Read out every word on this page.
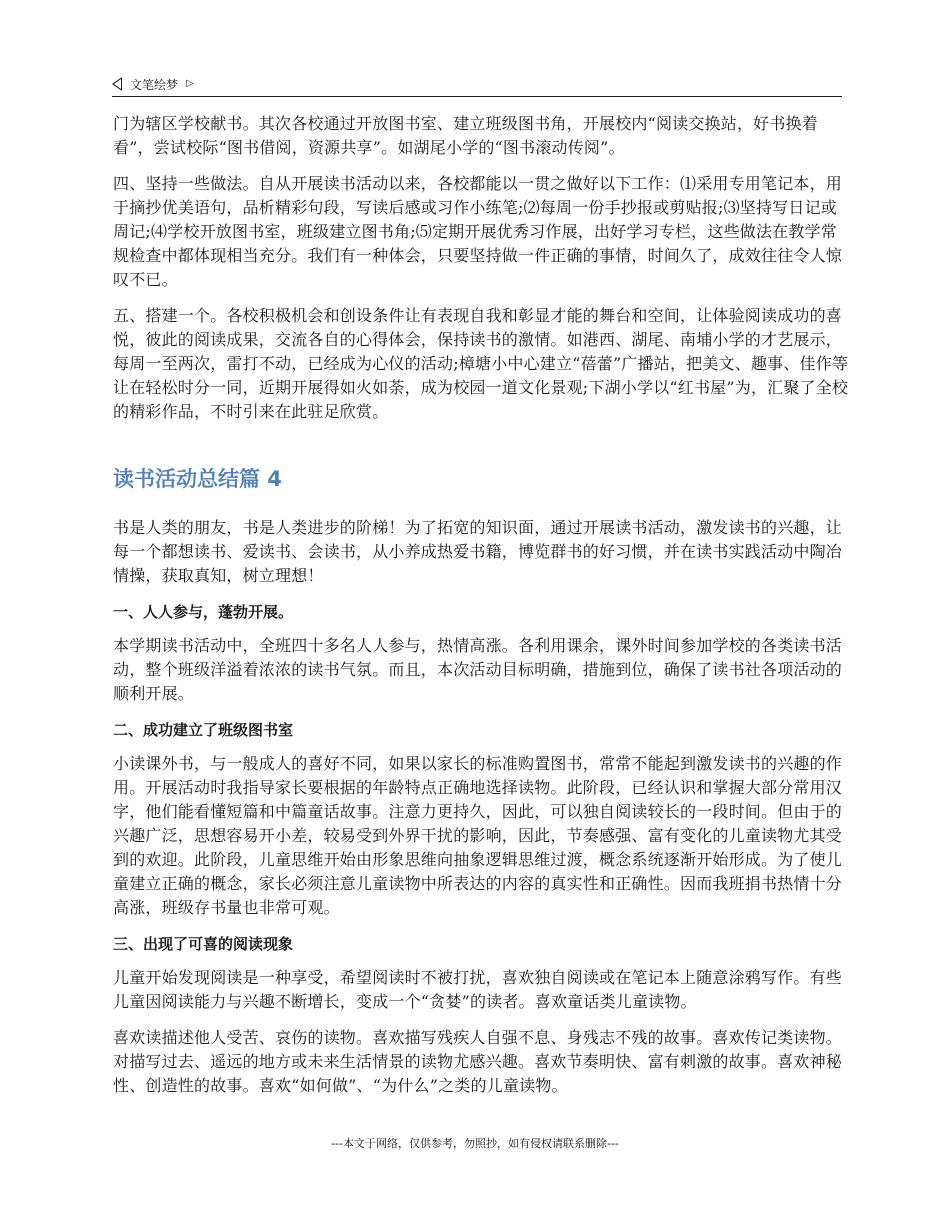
文笔绘梦 ▷

门为辖区学校献书。其次各校通过开放图书室、建立班级图书角，开展校内“阅读交换站，好书换着看”，尝试校际“图书借阅，资源共享”。如湖尾小学的“图书滚动传阅”。

四、坚持一些做法。自从开展读书活动以来，各校都能以一贯之做好以下工作：⑴采用专用笔记本，用于摘抄优美语句，品析精彩句段，写读后感或习作小练笔;⑵每周一份手抄报或剪贴报;⑶坚持写日记或周记;⑷学校开放图书室，班级建立图书角;⑸定期开展优秀习作展，出好学习专栏，这些做法在教学常规检查中都体现相当充分。我们有一种体会，只要坚持做一件正确的事情，时间久了，成效往往令人惊叹不已。

五、搭建一个。各校积极机会和创设条件让有表现自我和彰显才能的舞台和空间，让体验阅读成功的喜悦，彼此的阅读成果，交流各自的心得体会，保持读书的激情。如港西、湖尾、南埔小学的才艺展示，每周一至两次，雷打不动，已经成为心仪的活动;樟塘小中心建立“蓓蕾”广播站，把美文、趣事、佳作等让在轻松时分一同，近期开展得如火如荼，成为校园一道文化景观;下湖小学以“红书屋”为，汇聚了全校的精彩作品，不时引来在此驻足欣赏。

读书活动总结篇 4

书是人类的朋友，书是人类进步的阶梯！为了拓宽的知识面，通过开展读书活动，激发读书的兴趣，让每一个都想读书、爱读书、会读书，从小养成热爱书籍，博览群书的好习惯，并在读书实践活动中陶冶情操，获取真知，树立理想！

一、人人参与，蓬勃开展。

本学期读书活动中，全班四十多名人人参与，热情高涨。各利用课余，课外时间参加学校的各类读书活动，整个班级洋溢着浓浓的读书气氛。而且，本次活动目标明确，措施到位，确保了读书社各项活动的顺利开展。

二、成功建立了班级图书室

小读课外书，与一般成人的喜好不同，如果以家长的标准购置图书，常常不能起到激发读书的兴趣的作用。开展活动时我指导家长要根据的年龄特点正确地选择读物。此阶段，已经认识和掌握大部分常用汉字，他们能看懂短篇和中篇童话故事。注意力更持久，因此，可以独自阅读较长的一段时间。但由于的兴趣广泛，思想容易开小差，较易受到外界干扰的影响，因此，节奏感强、富有变化的儿童读物尤其受到的欢迎。此阶段，儿童思维开始由形象思维向抽象逻辑思维过渡，概念系统逐渐开始形成。为了使儿童建立正确的概念，家长必须注意儿童读物中所表达的内容的真实性和正确性。因而我班捐书热情十分高涨，班级存书量也非常可观。

三、出现了可喜的阅读现象

儿童开始发现阅读是一种享受，希望阅读时不被打扰，喜欢独自阅读或在笔记本上随意涂鸦写作。有些儿童因阅读能力与兴趣不断增长，变成一个“贪婪”的读者。喜欢童话类儿童读物。

喜欢读描述他人受苦、哀伤的读物。喜欢描写残疾人自强不息、身残志不残的故事。喜欢传记类读物。对描写过去、遥远的地方或未来生活情景的读物尤感兴趣。喜欢节奏明快、富有刺激的故事。喜欢神秘性、创造性的故事。喜欢“如何做”、“为什么”之类的儿童读物。

---本文于网络，仅供参考，勿照抄，如有侵权请联系删除---
